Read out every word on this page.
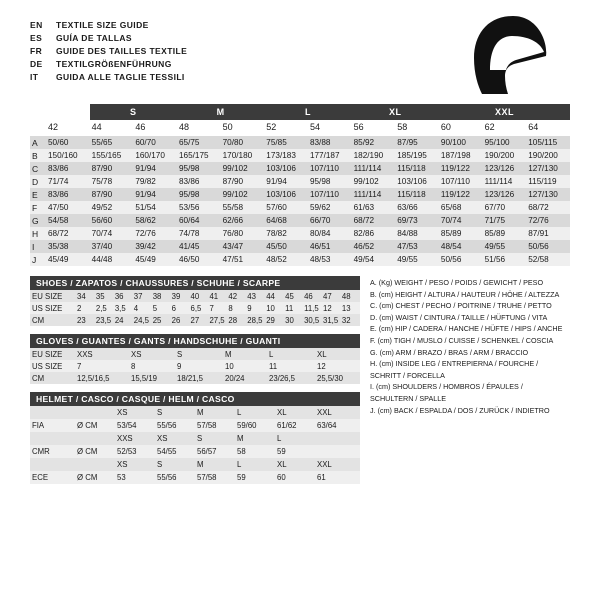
EN	TEXTILE SIZE GUIDE
ES	GUÍA DE TALLAS
FR	GUIDE DES TAILLES TEXTILE
DE	TEXTILGRÖßENFÜHRUNG
IT	GUIDA ALLE TAGLIE TESSILI
		S		M		L		XL		XXL		
	42	44	46	48	50	52	54	56	58	60	62	64
A	50/60	55/65	60/70	65/75	70/80	75/85	83/88	85/92	87/95	90/100	95/100	105/115
B	150/160	155/165	160/170	165/175	170/180	173/183	177/187	182/190	185/195	187/198	190/200	190/200
C	83/86	87/90	91/94	95/98	99/102	103/106	107/110	111/114	115/118	119/122	123/126	127/130
D	71/74	75/78	79/82	83/86	87/90	91/94	95/98	99/102	103/106	107/110	111/114	115/119
E	83/86	87/90	91/94	95/98	99/102	103/106	107/110	111/114	115/118	119/122	123/126	127/130
F	47/50	49/52	51/54	53/56	55/58	57/60	59/62	61/63	63/66	65/68	67/70	68/72
G	54/58	56/60	58/62	60/64	62/66	64/68	66/70	68/72	69/73	70/74	71/75	72/76
H	68/72	70/74	72/76	74/78	76/80	78/82	80/84	82/86	84/88	85/89	85/89	87/91
I	35/38	37/40	39/42	41/45	43/47	45/50	46/51	46/52	47/53	48/54	49/55	50/56
J	45/49	44/48	45/49	46/50	47/51	48/52	48/53	49/54	49/55	50/56	51/56	52/58
SHOES / ZAPATOS / CHAUSSURES / SCHUHE / SCARPE
EU SIZE	34	35	36	37	38	39	40	41	42	43	44	45	46	47	48
US SIZE	2	2,5	3,5	4	5	6	6,5	7	8	9	10	11	11,5	12	13
CM	23	23,5	24	24,5	25	26	27	27,5	28	28,5	29	30	30,5	31,5	32
GLOVES / GUANTES / GANTS / HANDSCHUHE / GUANTI
EU SIZE	XXS	XS	S	M	L	XL
US SIZE	7	8	9	10	11	12
CM	12,5/16,5	15,5/19	18/21,5	20/24	23/26,5	25,5/30
HELMET / CASCO / CASQUE / HELM / CASCO
		XS	S	M	L	XL	XXL
FIA	Ø CM	53/54	55/56	57/58	59/60	61/62	63/64
		XXS	XS	S	M	L	
CMR	Ø CM	52/53	54/55	56/57	58	59	
		XS	S	M	L	XL	XXL
ECE	Ø CM	53	55/56	57/58	59	60	61
A. (Kg) WEIGHT / PESO / POIDS / GEWICHT / PESO
B. (cm) HEIGHT / ALTURA / HAUTEUR / HÖHE / ALTEZZA
C. (cm) CHEST / PECHO / POITRINE / TRUHE / PETTO
D. (cm) WAIST / CINTURA / TAILLE / HÜFTUNG / VITA
E. (cm) HIP / CADERA / HANCHE / HÜFTE / HIPS / ANCHE
F. (cm) TIGH / MUSLO / CUISSE / SCHENKEL / COSCIA
G. (cm) ARM / BRAZO / BRAS / ARM / BRACCIO
H. (cm) INSIDE LEG / ENTREPIERNA / FOURCHE /
SCHRITT / FORCELLA
I. (cm) SHOULDERS / HOMBROS / ÉPAULES /
SCHULTERN / SPALLE
J. (cm) BACK / ESPALDA / DOS / ZURÜCK / INDIETRO
